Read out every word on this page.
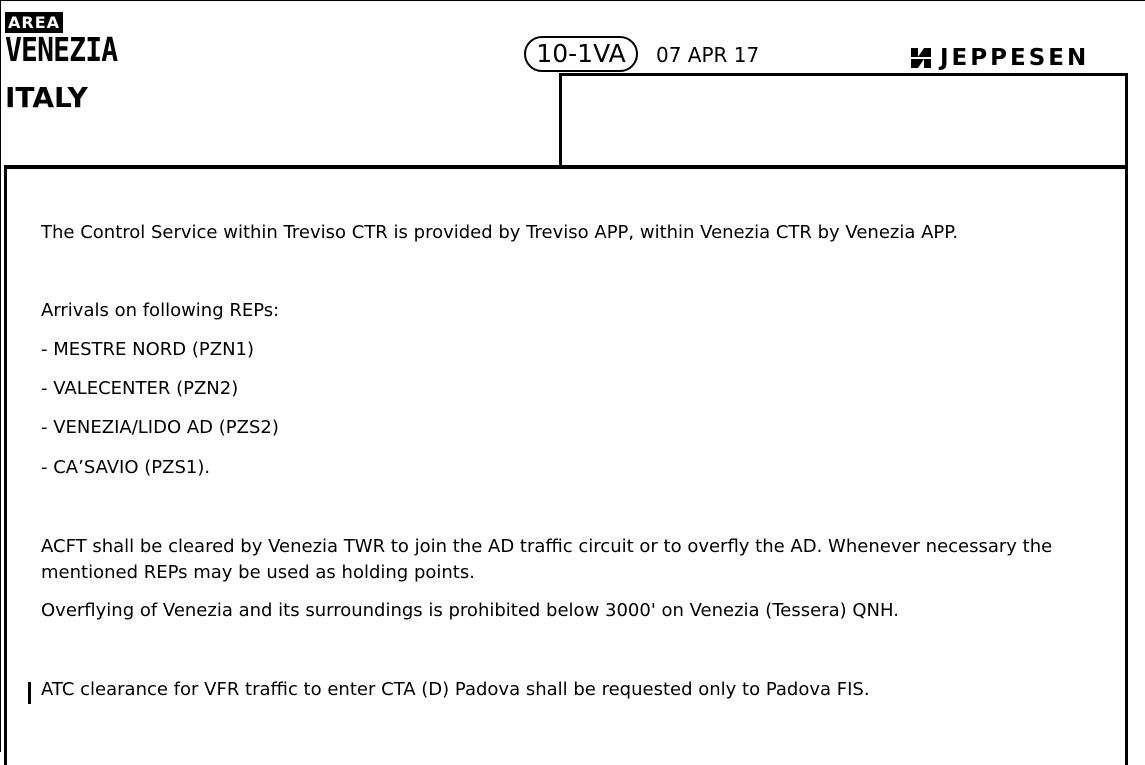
AREA
VENEZIA
ITALY
10-1VA	07 APR 17	JEPPESEN

The Control Service within Treviso CTR is provided by Treviso APP, within Venezia CTR by Venezia APP.

Arrivals on following REPs:

- MESTRE NORD (PZN1)

- VALECENTER (PZN2)

- VENEZIA/LIDO AD (PZS2)

- CA’SAVIO (PZS1).

ACFT shall be cleared by Venezia TWR to join the AD traffic circuit or to overfly the AD. Whenever necessary the mentioned REPs may be used as holding points.

Overflying of Venezia and its surroundings is prohibited below 3000' on Venezia (Tessera) QNH.

ATC clearance for VFR traffic to enter CTA (D) Padova shall be requested only to Padova FIS.
